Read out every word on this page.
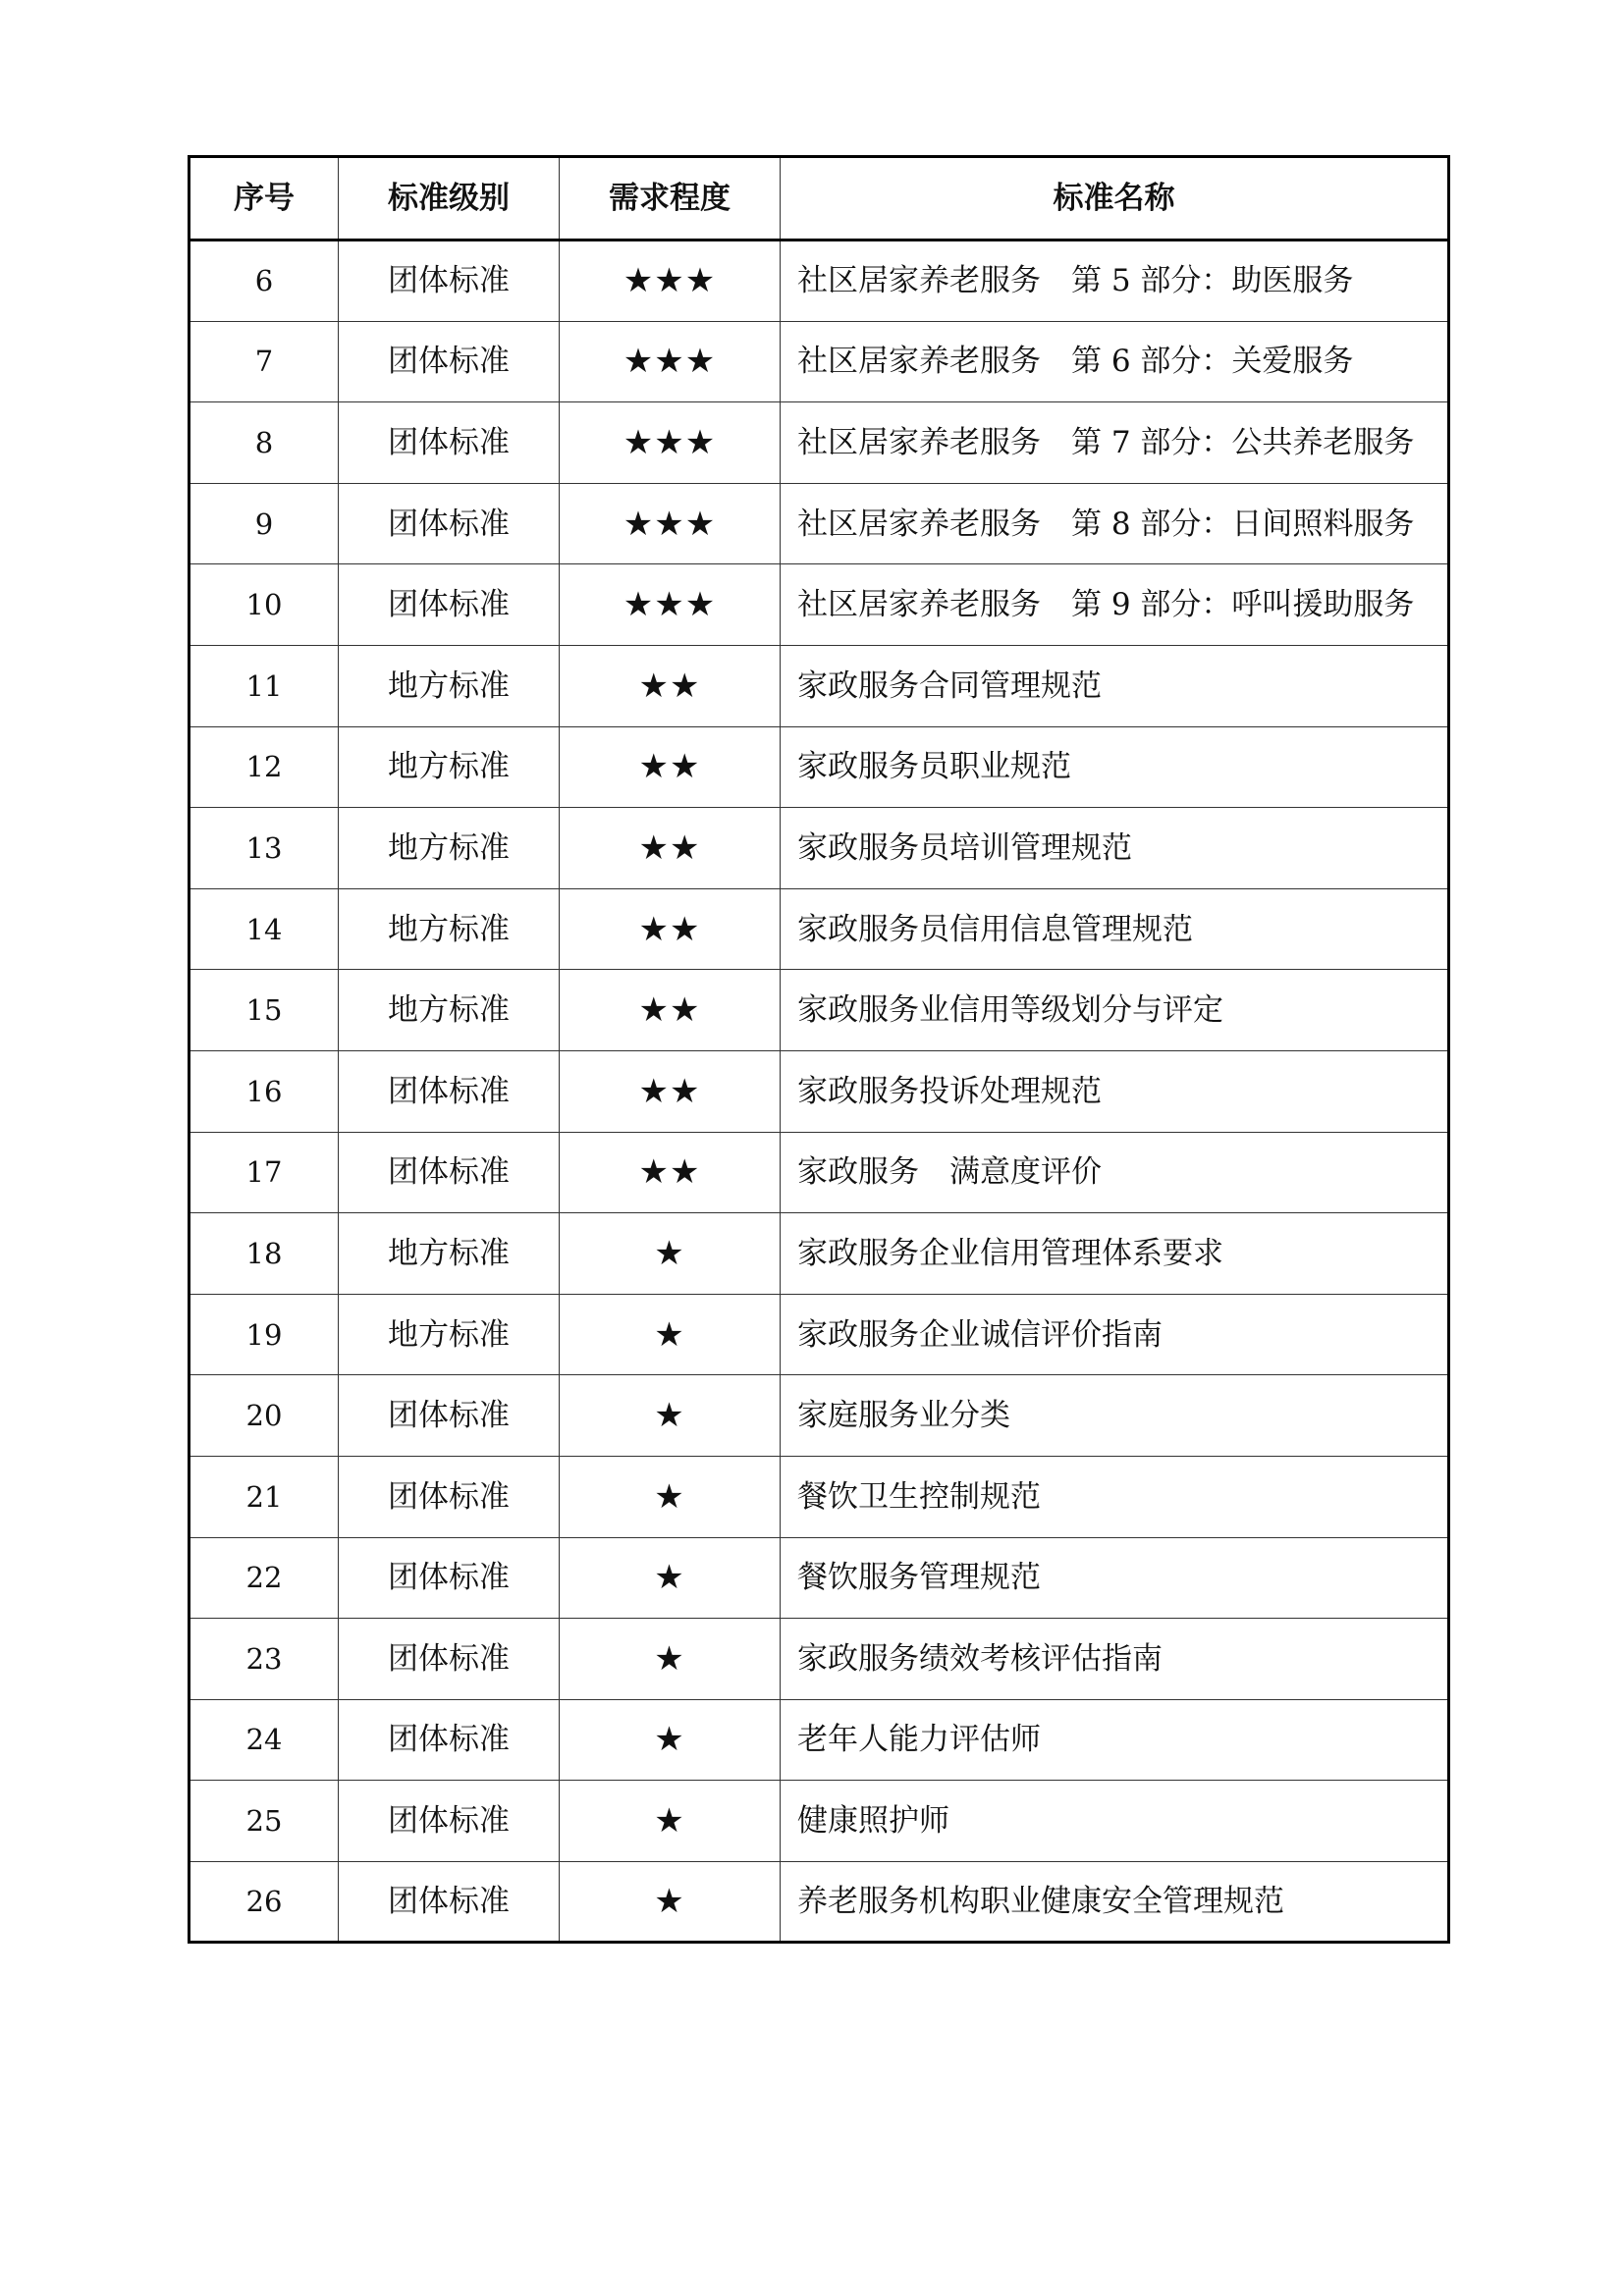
序号	标准级别	需求程度	标准名称
6	团体标准	★★★	社区居家养老服务　第 5 部分：助医服务
7	团体标准	★★★	社区居家养老服务　第 6 部分：关爱服务
8	团体标准	★★★	社区居家养老服务　第 7 部分：公共养老服务
9	团体标准	★★★	社区居家养老服务　第 8 部分：日间照料服务
10	团体标准	★★★	社区居家养老服务　第 9 部分：呼叫援助服务
11	地方标准	★★	家政服务合同管理规范
12	地方标准	★★	家政服务员职业规范
13	地方标准	★★	家政服务员培训管理规范
14	地方标准	★★	家政服务员信用信息管理规范
15	地方标准	★★	家政服务业信用等级划分与评定
16	团体标准	★★	家政服务投诉处理规范
17	团体标准	★★	家政服务　满意度评价
18	地方标准	★	家政服务企业信用管理体系要求
19	地方标准	★	家政服务企业诚信评价指南
20	团体标准	★	家庭服务业分类
21	团体标准	★	餐饮卫生控制规范
22	团体标准	★	餐饮服务管理规范
23	团体标准	★	家政服务绩效考核评估指南
24	团体标准	★	老年人能力评估师
25	团体标准	★	健康照护师
26	团体标准	★	养老服务机构职业健康安全管理规范
